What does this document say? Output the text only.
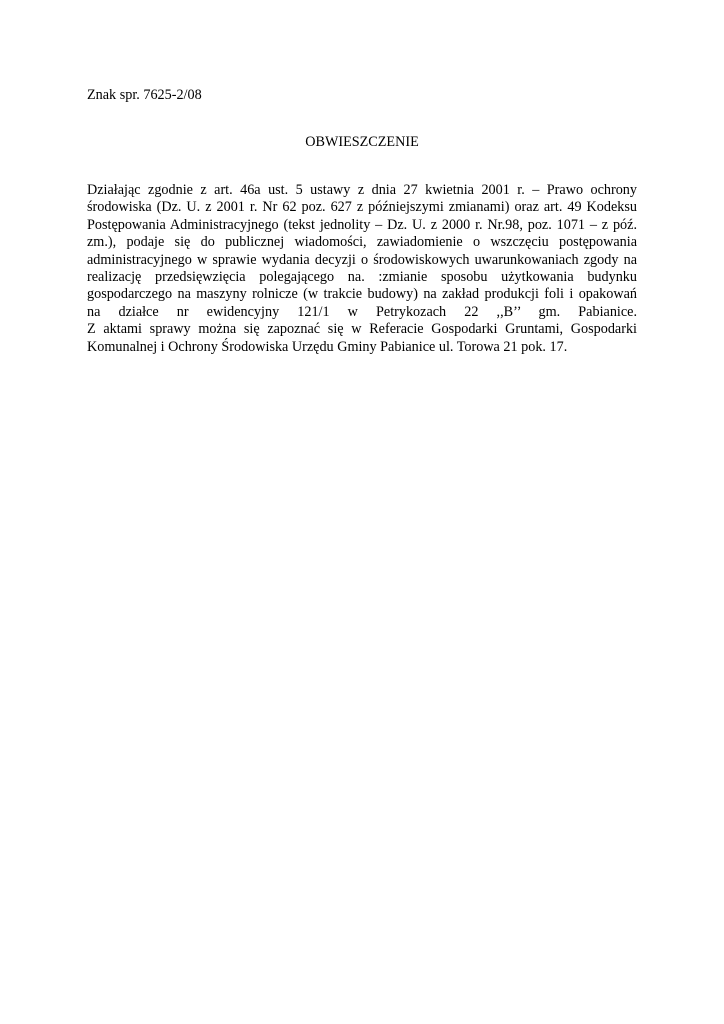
Znak spr. 7625-2/08
OBWIESZCZENIE
Działając zgodnie z art. 46a ust. 5 ustawy z dnia 27 kwietnia 2001 r. – Prawo ochrony
środowiska (Dz. U. z 2001 r. Nr 62 poz. 627 z późniejszymi zmianami) oraz art. 49 Kodeksu
Postępowania Administracyjnego (tekst jednolity – Dz. U. z 2000 r. Nr.98, poz. 1071 – z póź.
zm.), podaje się do publicznej wiadomości, zawiadomienie o wszczęciu postępowania
administracyjnego w sprawie wydania decyzji o środowiskowych uwarunkowaniach zgody na
realizację przedsięwzięcia polegającego na. :zmianie sposobu użytkowania budynku
gospodarczego na maszyny rolnicze (w trakcie budowy) na zakład produkcji foli i opakowań
na działce nr ewidencyjny 121/1 w Petrykozach 22 ,,B’’ gm. Pabianice.
Z aktami sprawy można się zapoznać się w Referacie Gospodarki Gruntami, Gospodarki
Komunalnej i Ochrony Środowiska Urzędu Gminy Pabianice ul. Torowa 21 pok. 17.
